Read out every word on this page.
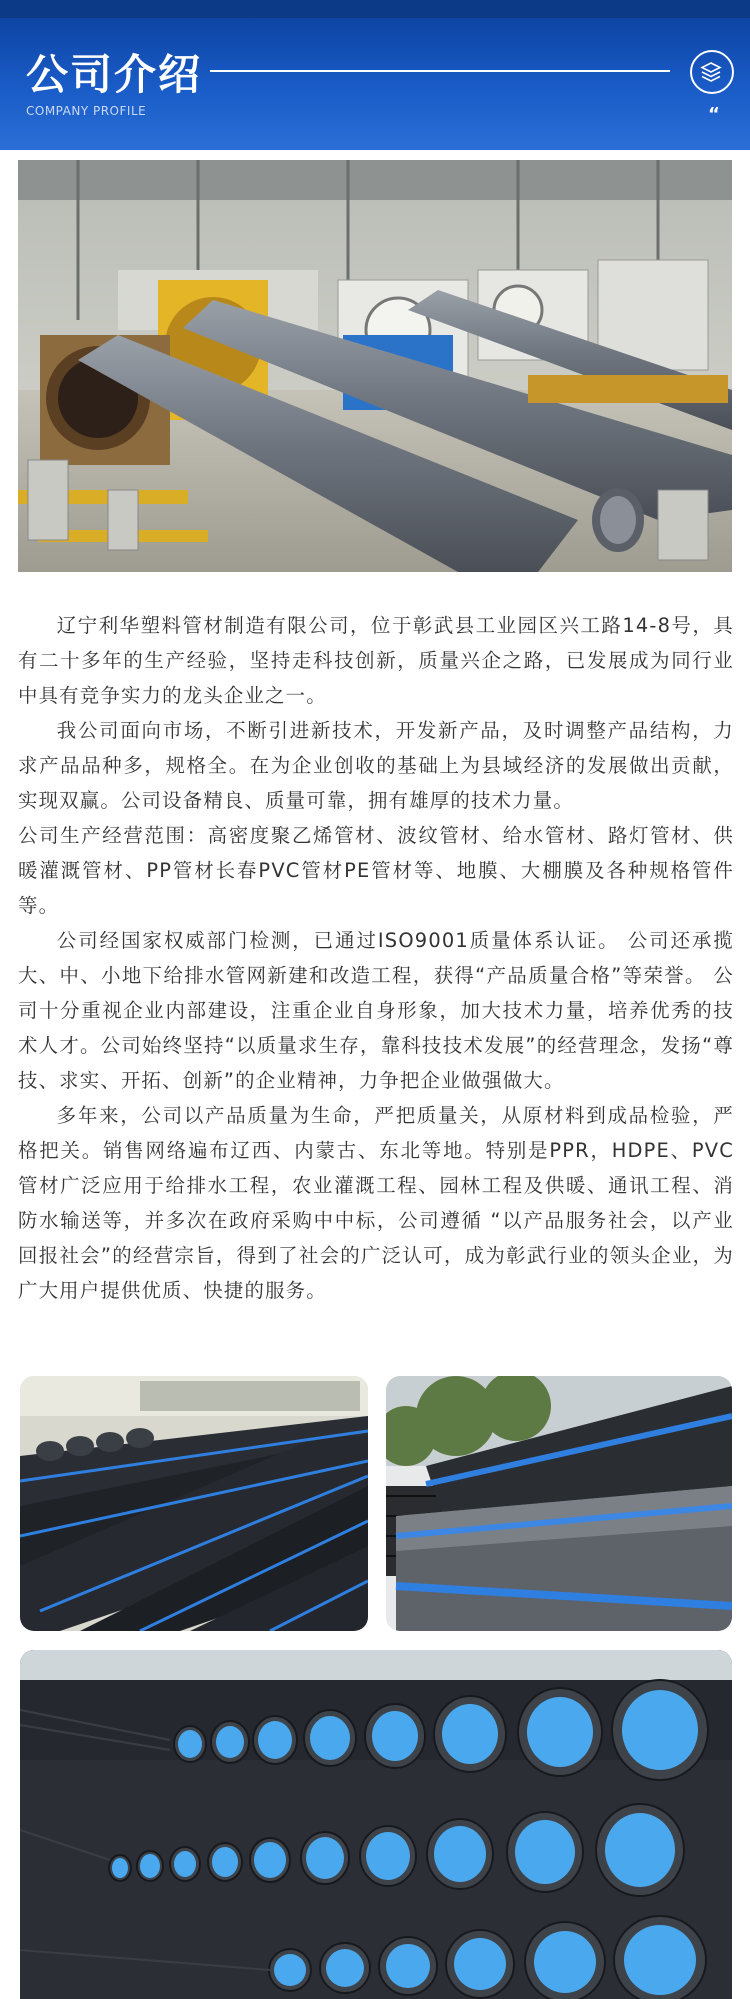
公司介绍
COMPANY PROFILE	“

辽宁利华塑料管材制造有限公司，位于彰武县工业园区兴工路14-8号，具有二十多年的生产经验，坚持走科技创新，质量兴企之路，已发展成为同行业中具有竞争实力的龙头企业之一。

我公司面向市场，不断引进新技术，开发新产品，及时调整产品结构，力求产品品种多，规格全。在为企业创收的基础上为县域经济的发展做出贡献，实现双赢。公司设备精良、质量可靠，拥有雄厚的技术力量。

公司生产经营范围：高密度聚乙烯管材、波纹管材、给水管材、路灯管材、供暖灌溉管材、PP管材长春PVC管材PE管材等、地膜、大棚膜及各种规格管件等。

公司经国家权威部门检测，已通过ISO9001质量体系认证。 公司还承揽大、中、小地下给排水管网新建和改造工程，获得“产品质量合格”等荣誉。 公司十分重视企业内部建设，注重企业自身形象，加大技术力量，培养优秀的技术人才。公司始终坚持“以质量求生存，靠科技技术发展”的经营理念，发扬“尊技、求实、开拓、创新”的企业精神，力争把企业做强做大。

多年来，公司以产品质量为生命，严把质量关，从原材料到成品检验，严格把关。销售网络遍布辽西、内蒙古、东北等地。特别是PPR，HDPE、PVC管材广泛应用于给排水工程，农业灌溉工程、园林工程及供暖、通讯工程、消防水输送等，并多次在政府采购中中标，公司遵循 “以产品服务社会，以产业回报社会”的经营宗旨，得到了社会的广泛认可，成为彰武行业的领头企业，为广大用户提供优质、快捷的服务。
